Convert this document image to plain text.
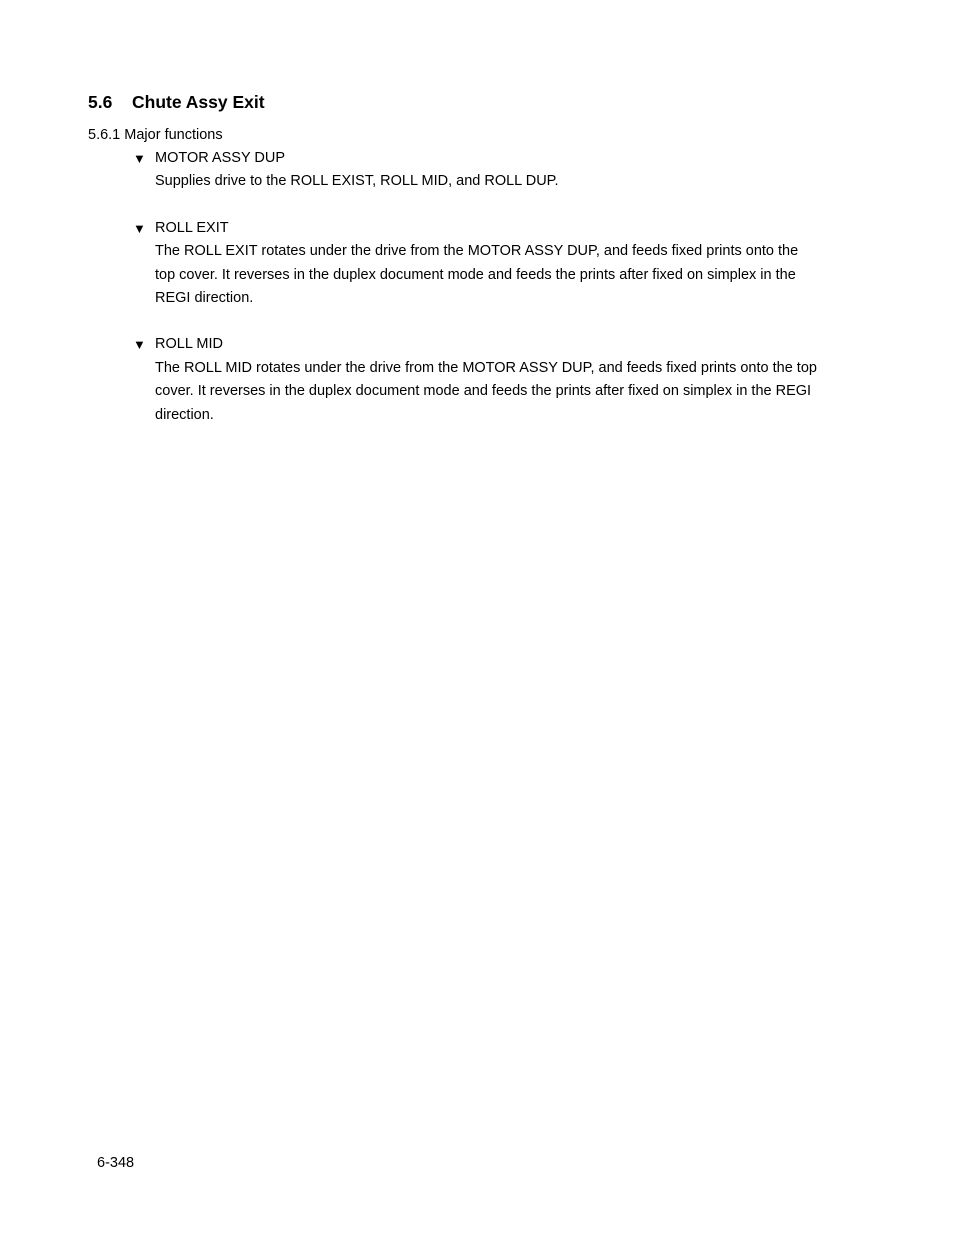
5.6 Chute Assy Exit
5.6.1 Major functions
▼ MOTOR ASSY DUP
Supplies drive to the ROLL EXIST, ROLL MID, and ROLL DUP.
▼ ROLL EXIT
The ROLL EXIT rotates under the drive from the MOTOR ASSY DUP, and feeds fixed prints onto the
top cover. It reverses in the duplex document mode and feeds the prints after fixed on simplex in the
REGI direction.
▼ ROLL MID
The ROLL MID rotates under the drive from the MOTOR ASSY DUP, and feeds fixed prints onto the top
cover. It reverses in the duplex document mode and feeds the prints after fixed on simplex in the REGI
direction.
6-348
